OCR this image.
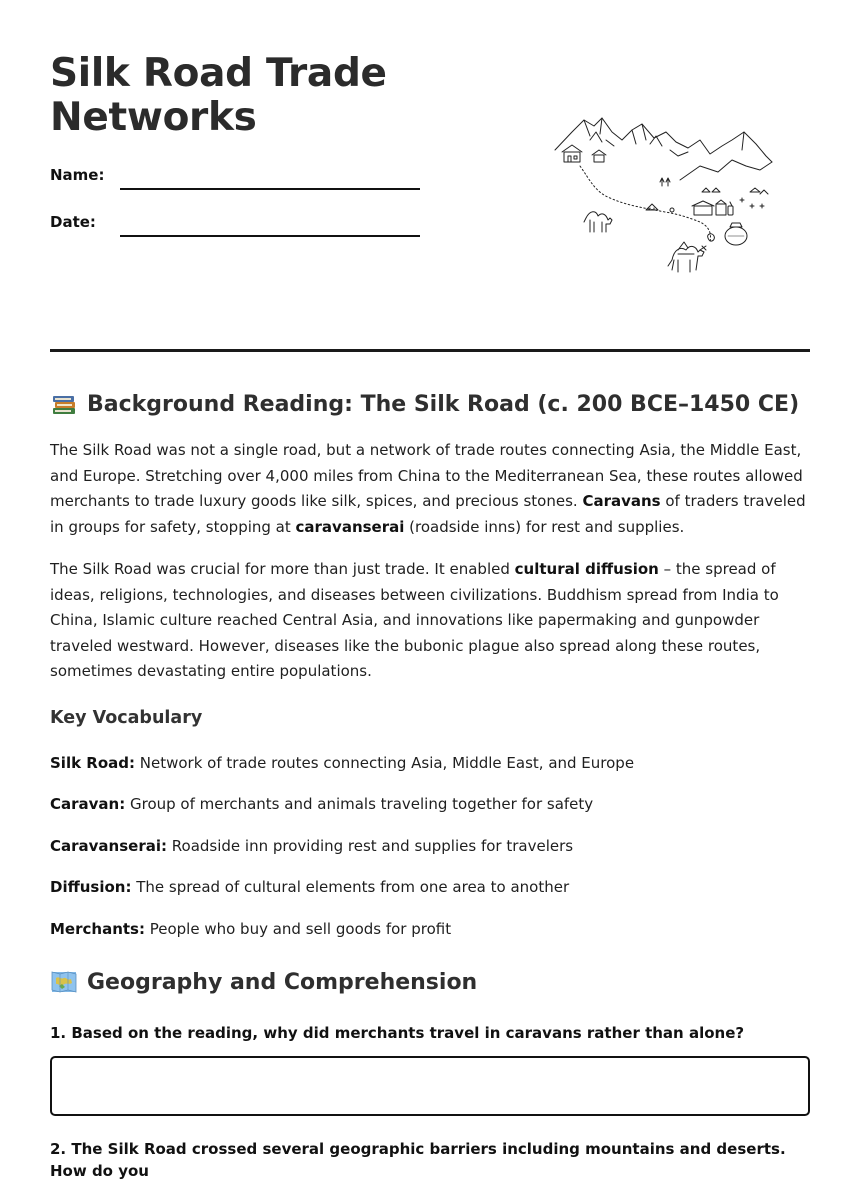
Silk Road Trade
Networks
Name:
Date:
Background Reading: The Silk Road (c. 200 BCE–1450 CE)

The Silk Road was not a single road, but a network of trade routes connecting Asia, the Middle East, and Europe. Stretching over 4,000 miles from China to the Mediterranean Sea, these routes allowed merchants to trade luxury goods like silk, spices, and precious stones. Caravans of traders traveled in groups for safety, stopping at caravanserai (roadside inns) for rest and supplies.

The Silk Road was crucial for more than just trade. It enabled cultural diffusion – the spread of ideas, religions, technologies, and diseases between civilizations. Buddhism spread from India to China, Islamic culture reached Central Asia, and innovations like papermaking and gunpowder traveled westward. However, diseases like the bubonic plague also spread along these routes, sometimes devastating entire populations.

Key Vocabulary

Silk Road: Network of trade routes connecting Asia, Middle East, and Europe

Caravan: Group of merchants and animals traveling together for safety

Caravanserai: Roadside inn providing rest and supplies for travelers

Diffusion: The spread of cultural elements from one area to another

Merchants: People who buy and sell goods for profit

Geography and Comprehension

1. Based on the reading, why did merchants travel in caravans rather than alone?

2. The Silk Road crossed several geographic barriers including mountains and deserts. How do you
